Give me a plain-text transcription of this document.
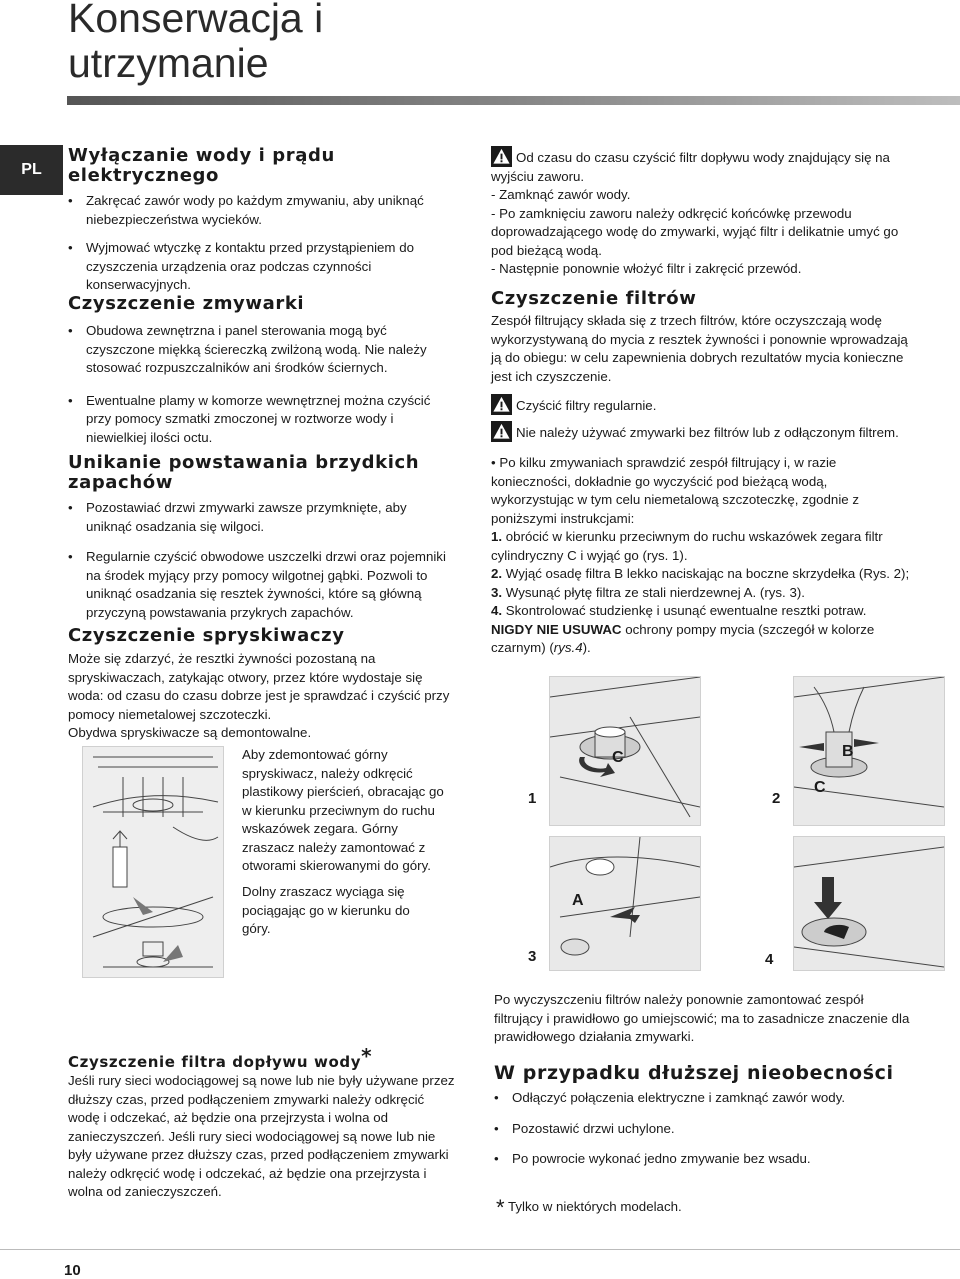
Konserwacja i
utrzymanie
PL
Wyłączanie wody i prądu
elektrycznego
• Zakręcać zawór wody po każdym zmywaniu, aby uniknąć niebezpieczeństwa wycieków.
• Wyjmować wtyczkę z kontaktu przed przystąpieniem do czyszczenia urządzenia oraz podczas czynności konserwacyjnych.
Czyszczenie zmywarki
• Obudowa zewnętrzna i panel sterowania mogą być czyszczone miękką ściereczką zwilżoną wodą. Nie należy stosować rozpuszczalników ani środków ściernych.
• Ewentualne plamy w komorze wewnętrznej można czyścić przy pomocy szmatki zmoczonej w roztworze wody i niewielkiej ilości octu.
Unikanie powstawania brzydkich
zapachów
• Pozostawiać drzwi zmywarki zawsze przymknięte, aby uniknąć osadzania się wilgoci.
• Regularnie czyścić obwodowe uszczelki drzwi oraz pojemniki na środek myjący przy pomocy wilgotnej gąbki. Pozwoli to uniknąć osadzania się resztek żywności, które są główną przyczyną powstawania przykrych zapachów.
Czyszczenie spryskiwaczy

Może się zdarzyć, że resztki żywności pozostaną na spryskiwaczach, zatykając otwory, przez które wydostaje się woda: od czasu do czasu dobrze jest je sprawdzać i czyścić przy pomocy niemetalowej szczoteczki.

Obydwa spryskiwacze są demontowalne.

Aby zdemontować górny spryskiwacz, należy odkręcić plastikowy pierścień, obracając go w kierunku przeciwnym do ruchu wskazówek zegara. Górny zraszacz należy zamontować z otworami skierowanymi do góry.
Dolny zraszacz wyciąga się pociągając go w kierunku do góry.
Czyszczenie filtra dopływu wody*

Jeśli rury sieci wodociągowej są nowe lub nie były używane przez dłuższy czas, przed podłączeniem zmywarki należy odkręcić wodę i odczekać, aż będzie ona przejrzysta i wolna od zanieczyszczeń. Jeśli rury sieci wodociągowej są nowe lub nie były używane przez dłuższy czas, przed podłączeniem zmywarki należy odkręcić wodę i odczekać, aż będzie ona przejrzysta i wolna od zanieczyszczeń.

Od czasu do czasu czyścić filtr dopływu wody znajdujący się na wyjściu zaworu.

- Zamknąć zawór wody.

- Po zamknięciu zaworu należy odkręcić końcówkę przewodu doprowadzającego wodę do zmywarki, wyjąć filtr i delikatnie umyć go pod bieżącą wodą.

- Następnie ponownie włożyć filtr i zakręcić przewód.

Czyszczenie filtrów

Zespół filtrujący składa się z trzech filtrów, które oczyszczają wodę wykorzystywaną do mycia z resztek żywności i ponownie wprowadzają ją do obiegu: w celu zapewnienia dobrych rezultatów mycia konieczne jest ich czyszczenie.

Czyścić filtry regularnie.

Nie należy używać zmywarki bez filtrów lub z odłączonym filtrem.

• Po kilku zmywaniach sprawdzić zespół filtrujący i, w razie konieczności, dokładnie go wyczyścić pod bieżącą wodą, wykorzystując w tym celu niemetalową szczoteczkę, zgodnie z poniższymi instrukcjami:

1. obrócić w kierunku przeciwnym do ruchu wskazówek zegara filtr cylindryczny C i wyjąć go (rys. 1).

2. Wyjąć osadę filtra B lekko naciskając na boczne skrzydełka (Rys. 2);

3. Wysunąć płytę filtra ze stali nierdzewnej A. (rys. 3).

4. Skontrolować studzienkę i usunąć ewentualne resztki potraw.

NIGDY NIE USUWAC ochrony pompy mycia (szczegół w kolorze czarnym) (rys.4).

C
1
B
C
2
A
3	4
Po wyczyszczeniu filtrów należy ponownie zamontować zespół filtrujący i prawidłowo go umiejscowić; ma to zasadnicze znaczenie dla prawidłowego działania zmywarki.
W przypadku dłuższej nieobecności
• Odłączyć połączenia elektryczne i zamknąć zawór wody.
• Pozostawić drzwi uchylone.
• Po powrocie wykonać jedno zmywanie bez wsadu.
* Tylko w niektórych modelach.
10
